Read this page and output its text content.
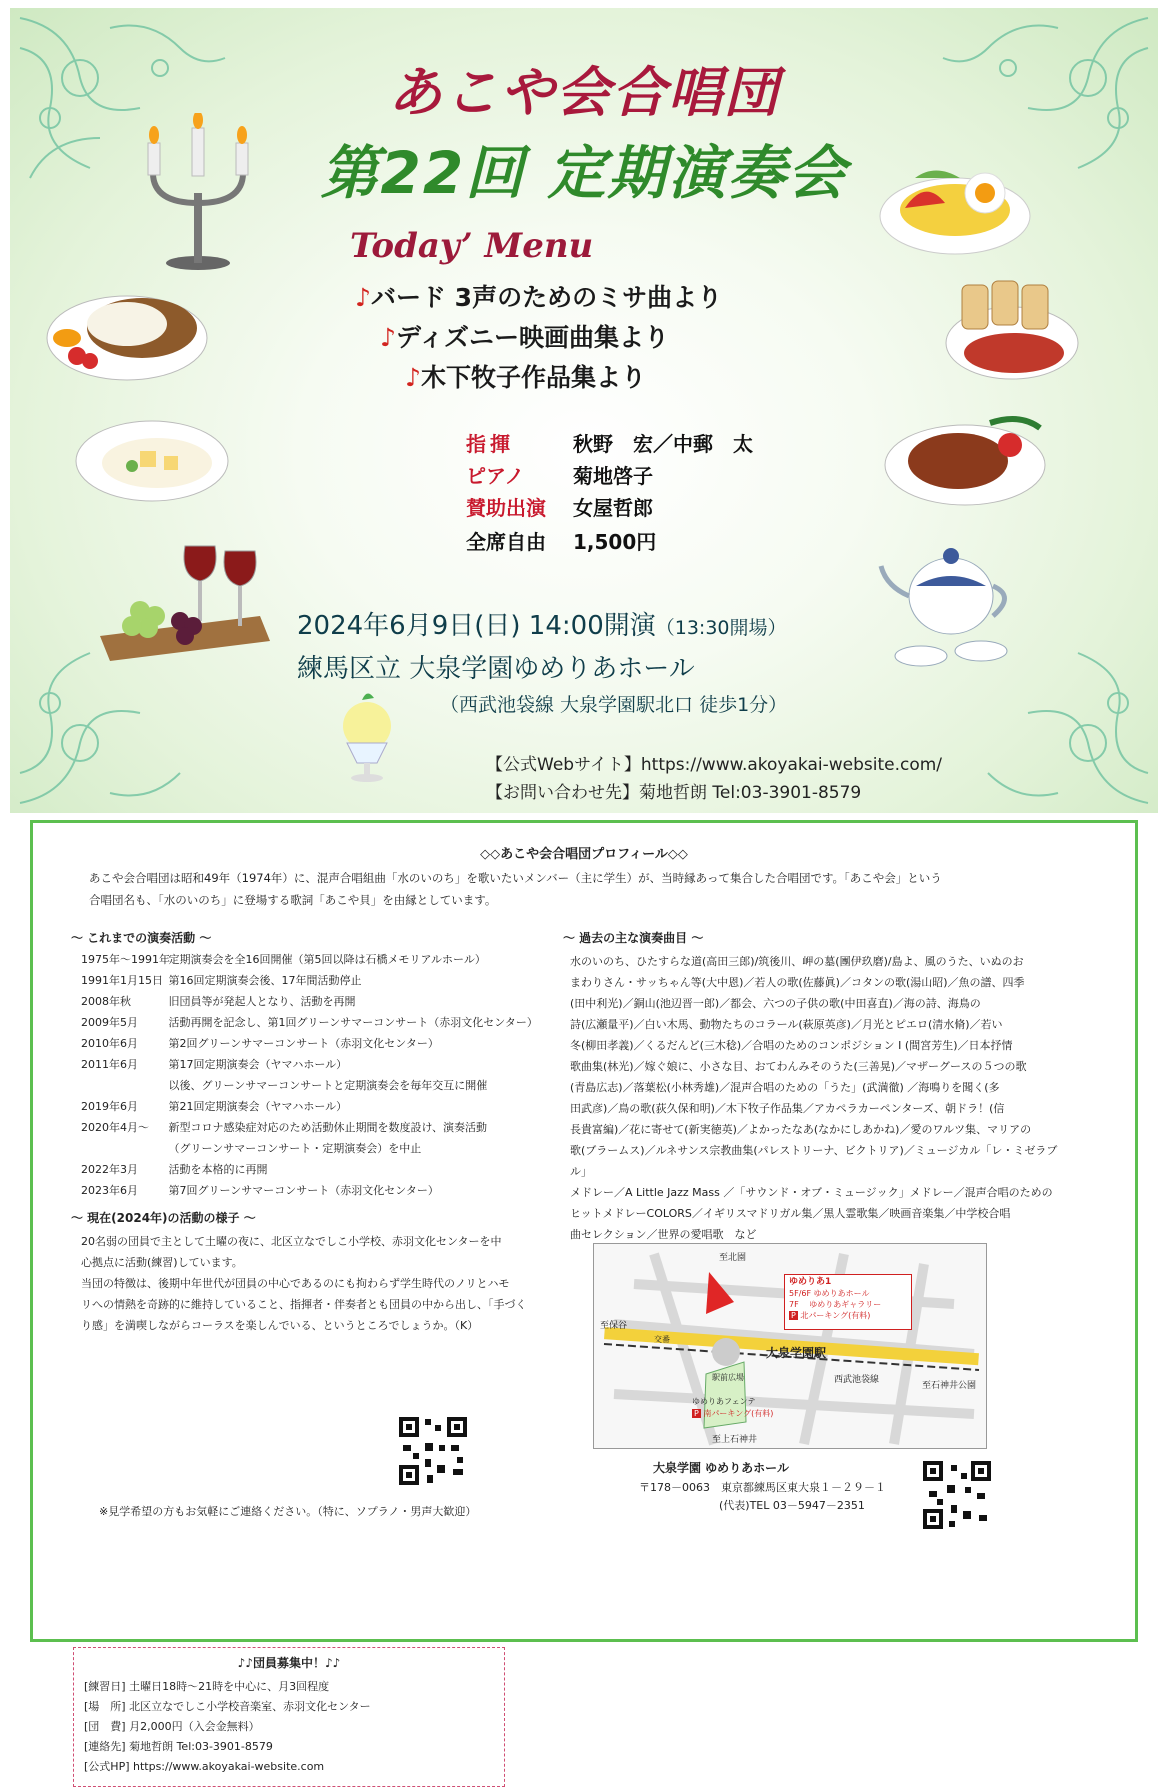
あこや会合唱団
第22回 定期演奏会
Today’ Menu
♪バード 3声のためのミサ曲より
♪ディズニー映画曲集より
♪木下牧子作品集より
指揮	秋野　宏／中郵　太
ピアノ	菊地啓子
賛助出演	女屋哲郎
全席自由 1,500円
2024年6月9日(日) 14:00開演（13:30開場）
練馬区立 大泉学園ゆめりあホール
（西武池袋線 大泉学園駅北口 徒歩1分）
【公式Webサイト】https://www.akoyakai-website.com/
【お問い合わせ先】菊地哲朗 Tel:03-3901-8579
◇◇あこや会合唱団プロフィール◇◇
あこや会合唱団は昭和49年（1974年）に、混声合唱組曲「水のいのち」を歌いたいメンバー（主に学生）が、当時縁あって集合した合唱団です。「あこや会」という
合唱団名も、「水のいのち」に登場する歌詞「あこや貝」を由縁としています。
～ これまでの演奏活動 ～
1975年～1991年 定期演奏会を全16回開催（第5回以降は石橋メモリアルホール）
1991年1月15日 第16回定期演奏会後、17年間活動停止
2008年秋	旧団員等が発起人となり、活動を再開
2009年5月	活動再開を記念し、第1回グリーンサマーコンサート（赤羽文化センター）
2010年6月	第2回グリーンサマーコンサート（赤羽文化センター）
2011年6月	第17回定期演奏会（ヤマハホール）
以後、グリーンサマーコンサートと定期演奏会を毎年交互に開催
2019年6月	第21回定期演奏会（ヤマハホール）
2020年4月～ 新型コロナ感染症対応のため活動休止期間を数度設け、演奏活動
（グリーンサマーコンサート・定期演奏会）を中止
2022年3月	活動を本格的に再開
2023年6月	第7回グリーンサマーコンサート（赤羽文化センター）
～ 現在(2024年)の活動の様子 ～
20名弱の団員で主として土曜の夜に、北区立なでしこ小学校、赤羽文化センターを中
心拠点に活動(練習)しています。
当団の特徴は、後期中年世代が団員の中心であるのにも拘わらず学生時代のノリとハモ
リへの情熱を奇跡的に維持していること、指揮者・伴奏者とも団員の中から出し、「手づく
り感」を満喫しながらコーラスを楽しんでいる、というところでしょうか。（K）
～ 過去の主な演奏曲目 ～
水のいのち、ひたすらな道(高田三郎)/筑後川、岬の墓(團伊玖磨)/島よ、風のうた、いぬのお
まわりさん・サッちゃん等(大中恩)／若人の歌(佐藤眞)／コタンの歌(湯山昭)／魚の譜、四季
(田中利光)／銅山(池辺晋一郎)／都会、六つの子供の歌(中田喜直)／海の詩、海鳥の
詩(広瀬量平)／白い木馬、動物たちのコラール(萩原英彦)／月光とピエロ(清水脩)／若い
冬(柳田孝義)／くるだんど(三木稔)／合唱のためのコンポジション I (間宮芳生)／日本抒情
歌曲集(林光)／嫁ぐ娘に、小さな目、おてわんみそのうた(三善晃)／マザーグースの５つの歌
(青島広志)／落葉松(小林秀雄)／混声合唱のための「うた」(武満徹) ／海鳴りを聞く(多
田武彦)／鳥の歌(荻久保和明)／木下牧子作品集／アカペラカーペンターズ、朝ドラ！(信
長貴富編)／花に寄せて(新実徳英)／よかったなあ(なかにしあかね)／愛のワルツ集、マリアの
歌(ブラームス)／ルネサンス宗教曲集(パレストリーナ、ビクトリア)／ミュージカル「レ・ミゼラブル」
メドレー／A Little Jazz Mass ／「サウンド・オブ・ミュージック」メドレー／混声合唱のための
ヒットメドレーCOLORS／イギリスマドリガル集／黒人霊歌集／映画音楽集／中学校合唱
曲セレクション／世界の愛唱歌　など
至北園
至保谷
至石神井公園
至上石神井
交番
駅前広場
大泉学園駅
西武池袋線
ゆめりあフェンテ
P 南パーキング(有料)
ゆめりあ1
5F/6F ゆめりあホール
7F　 ゆめりあギャラリー
P 北パーキング(有料)
大泉学園 ゆめりあホール
〒178－0063　東京都練馬区東大泉１－２９－１
(代表)TEL 03－5947－2351
♪♪団員募集中！♪♪
[練習日] 土曜日18時～21時を中心に、月3回程度
[場　所] 北区立なでしこ小学校音楽室、赤羽文化センター
[団　費] 月2,000円（入会金無料）
[連絡先] 菊地哲朗 Tel:03-3901-8579
[公式HP] https://www.akoyakai-website.com
※見学希望の方もお気軽にご連絡ください。（特に、ソプラノ・男声大歓迎）
